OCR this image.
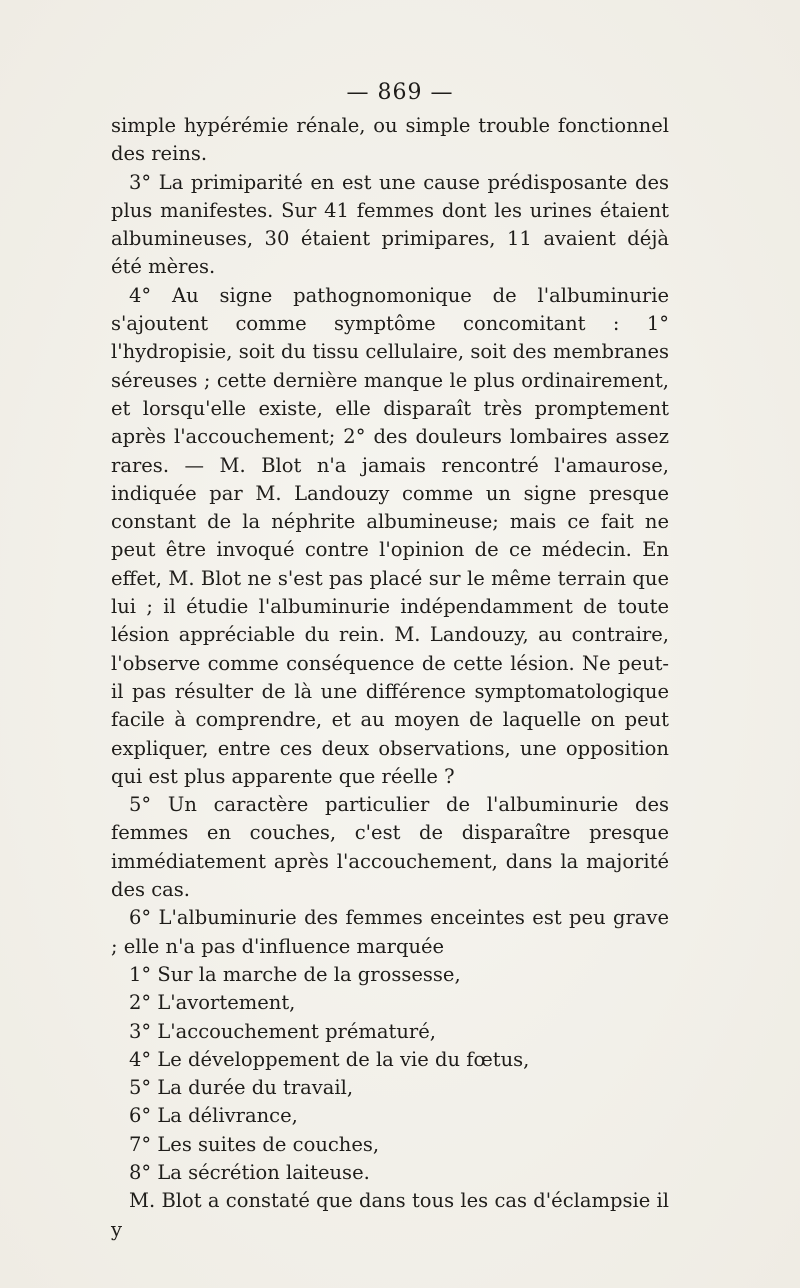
— 869 —

simple hypérémie rénale, ou simple trouble fonctionnel des reins.

3° La primiparité en est une cause prédisposante des plus manifestes. Sur 41 femmes dont les urines étaient albumineuses, 30 étaient primipares, 11 avaient déjà été mères.

4° Au signe pathognomonique de l'albuminurie s'ajoutent comme symptôme concomitant : 1° l'hydropisie, soit du tissu cellulaire, soit des membranes séreuses ; cette dernière manque le plus ordinairement, et lorsqu'elle existe, elle disparaît très promptement après l'accouchement; 2° des douleurs lombaires assez rares. — M. Blot n'a jamais rencontré l'amaurose, indiquée par M. Landouzy comme un signe presque constant de la néphrite albumineuse; mais ce fait ne peut être invoqué contre l'opinion de ce médecin. En effet, M. Blot ne s'est pas placé sur le même terrain que lui ; il étudie l'albuminurie indépendamment de toute lésion appréciable du rein. M. Landouzy, au contraire, l'observe comme conséquence de cette lésion. Ne peut-il pas résulter de là une différence symptomatologique facile à comprendre, et au moyen de laquelle on peut expliquer, entre ces deux observations, une opposition qui est plus apparente que réelle ?

5° Un caractère particulier de l'albuminurie des femmes en couches, c'est de disparaître presque immédiatement après l'accouchement, dans la majorité des cas.

6° L'albuminurie des femmes enceintes est peu grave ; elle n'a pas d'influence marquée

1° Sur la marche de la grossesse,
2° L'avortement,
3° L'accouchement prématuré,
4° Le développement de la vie du fœtus,
5° La durée du travail,
6° La délivrance,
7° Les suites de couches,
8° La sécrétion laiteuse.

M. Blot a constaté que dans tous les cas d'éclampsie il y
